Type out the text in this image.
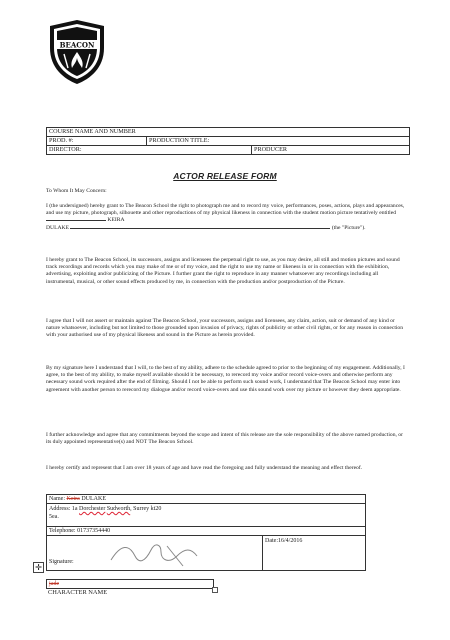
BEACON
COURSE NAME AND NUMBER
PROD. #:	PRODUCTION TITLE:
DIRECTOR:	PRODUCER
ACTOR RELEASE FORM

To Whom It May Concern:

I (the undersigned) hereby grant to The Beacon School the right to photograph me and to record my voice, performances, poses, actions, plays and appearances, and use my picture, photograph, silhouette and other reproductions of my physical likeness in connection with the student motion picture tentatively entitled  KEIRA
DULAKE	(the "Picture").

I hereby grant to The Beacon School, its successors, assigns and licensees the perpetual right to use, as you may desire, all still and motion pictures and sound track recordings and records which you may make of me or of my voice, and the right to use my name or likeness in or in connection with the exhibition, advertising, exploiting and/or publicizing of the Picture. I further grant the right to reproduce in any manner whatsoever any recordings including all instrumental, musical, or other sound effects produced by me, in connection with the production and/or postproduction of the Picture.

I agree that I will not assert or maintain against The Beacon School, your successors, assigns and licensees, any claim, action, suit or demand of any kind or nature whatsoever, including but not limited to those grounded upon invasion of privacy, rights of publicity or other civil rights, or for any reason in connection with your authorised use of my physical likeness and sound in the Picture as herein provided.

By my signature here I understand that I will, to the best of my ability, adhere to the schedule agreed to prior to the beginning of my engagement. Additionally, I agree, to the best of my ability, to make myself available should it be necessary, to rerecord my voice and/or record voice-overs and otherwise perform any necessary sound work required after the end of filming. Should I not be able to perform such sound work, I understand that The Beacon School may enter into agreement with another person to rerecord my dialogue and/or record voice-overs and use this sound work over my picture or however they deem appropriate.

I further acknowledge and agree that any commitments beyond the scope and intent of this release are the sole responsibility of the above named production, or its duly appointed representative(s) and NOT The Beacon School.

I hereby certify and represent that I am over 18 years of age and have read the foregoing and fully understand the meaning and effect thereof.

Name: Keira DULAKE
Address: 1a Dorchester Sudworth, Surrey kt20
5ea.
Telephone: 01737354440
Date:16/4/2016
Signature:
✛
jade
CHARACTER NAME
